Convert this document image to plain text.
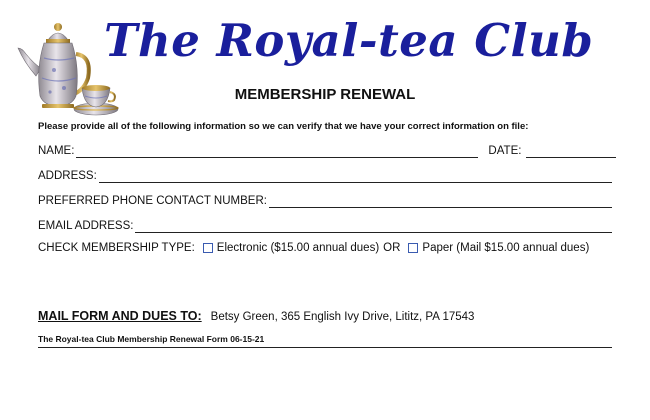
The Royal-tea Club
MEMBERSHIP RENEWAL
Please provide all of the following information so we can verify that we have your correct information on file:
NAME:	DATE:
ADDRESS:
PREFERRED PHONE CONTACT NUMBER:
EMAIL ADDRESS:
CHECK MEMBERSHIP TYPE: Electronic ($15.00 annual dues) OR Paper (Mail $15.00 annual dues)
MAIL FORM AND DUES TO: Betsy Green, 365 English Ivy Drive, Lititz, PA 17543
The Royal-tea Club Membership Renewal Form 06-15-21
